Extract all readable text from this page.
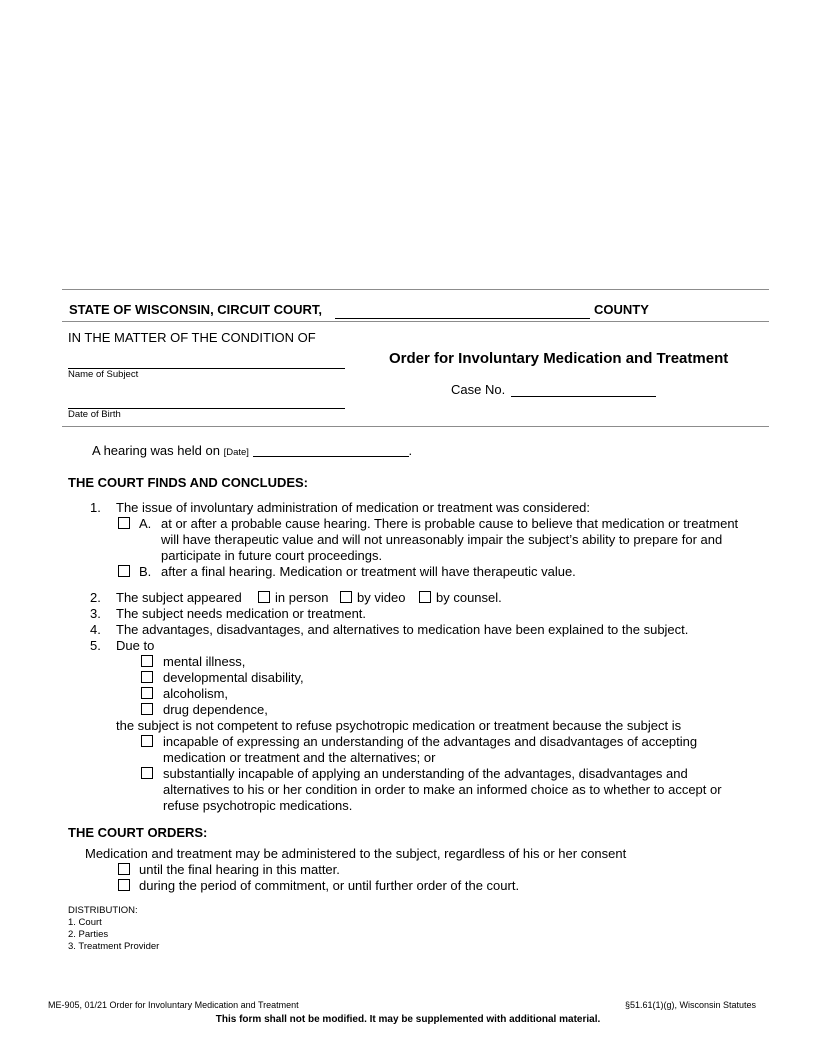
STATE OF WISCONSIN, CIRCUIT COURT,	COUNTY
IN THE MATTER OF THE CONDITION OF
Name of Subject
Date of Birth
Order for Involuntary Medication and Treatment
Case No.
A hearing was held on [Date]	.
THE COURT FINDS AND CONCLUDES:
1. The issue of involuntary administration of medication or treatment was considered:
A. at or after a probable cause hearing. There is probable cause to believe that medication or treatment
will have therapeutic value and will not unreasonably impair the subject’s ability to prepare for and
participate in future court proceedings.
B. after a final hearing. Medication or treatment will have therapeutic value.
2. The subject appeared	in person by video by counsel.
3. The subject needs medication or treatment.
4. The advantages, disadvantages, and alternatives to medication have been explained to the subject.
5. Due to
mental illness,
developmental disability,
alcoholism,
drug dependence,
the subject is not competent to refuse psychotropic medication or treatment because the subject is
incapable of expressing an understanding of the advantages and disadvantages of accepting
medication or treatment and the alternatives; or
substantially incapable of applying an understanding of the advantages, disadvantages and
alternatives to his or her condition in order to make an informed choice as to whether to accept or
refuse psychotropic medications.
THE COURT ORDERS:
Medication and treatment may be administered to the subject, regardless of his or her consent
until the final hearing in this matter.
during the period of commitment, or until further order of the court.
DISTRIBUTION:
1. Court
2. Parties
3. Treatment Provider
ME-905, 01/21 Order for Involuntary Medication and Treatment	§51.61(1)(g), Wisconsin Statutes
This form shall not be modified. It may be supplemented with additional material.
